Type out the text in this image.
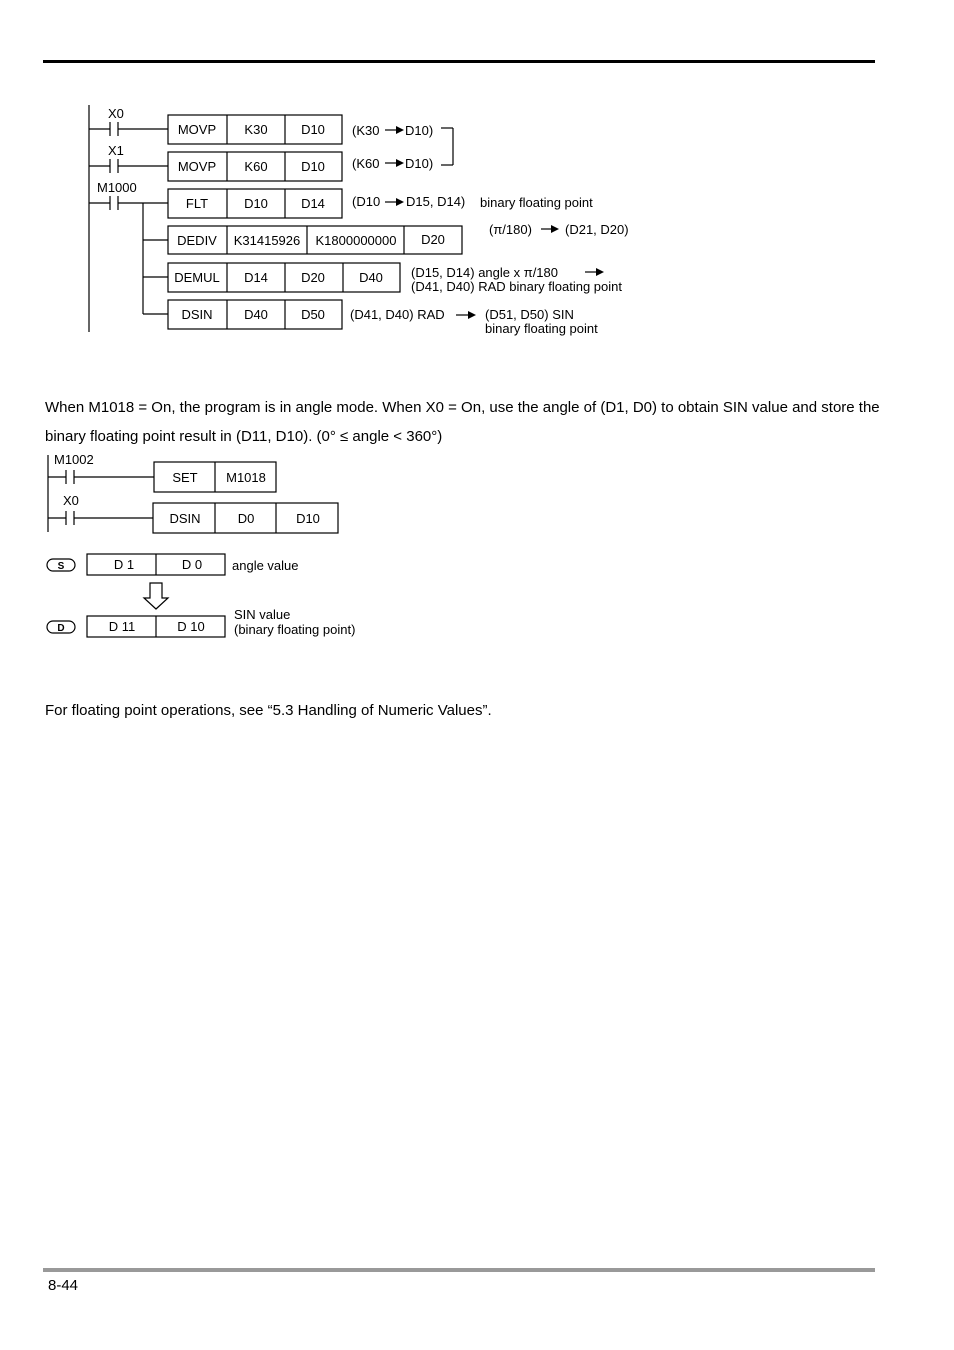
X0
X1
M1000
MOVP K30	D10
MOVP K60	D10
FLT	D10	D14
DEDIV K31415926 K1800000000 D20
DEMUL D14	D20	D40
DSIN D40	D50
(K30 D10)
(K60 D10)
(D10 D15, D14) binary floating point
(π/180)	(D21, D20)
(D15, D14) angle x π/180
(D41, D40) RAD binary floating point
(D41, D40) RAD	(D51, D50) SIN
binary floating point
M1002
X0
SET M1018
DSIN	D0	D10
S
D
D 1	D 0
D 11	D 10
angle value
SIN value
(binary floating point)

When M1018 = On, the program is in angle mode. When X0 = On, use the angle of (D1, D0) to obtain SIN value and store the binary floating point result in (D11, D10). (0° ≤ angle < 360°)

For floating point operations, see “5.3 Handling of Numeric Values”.

8-44
